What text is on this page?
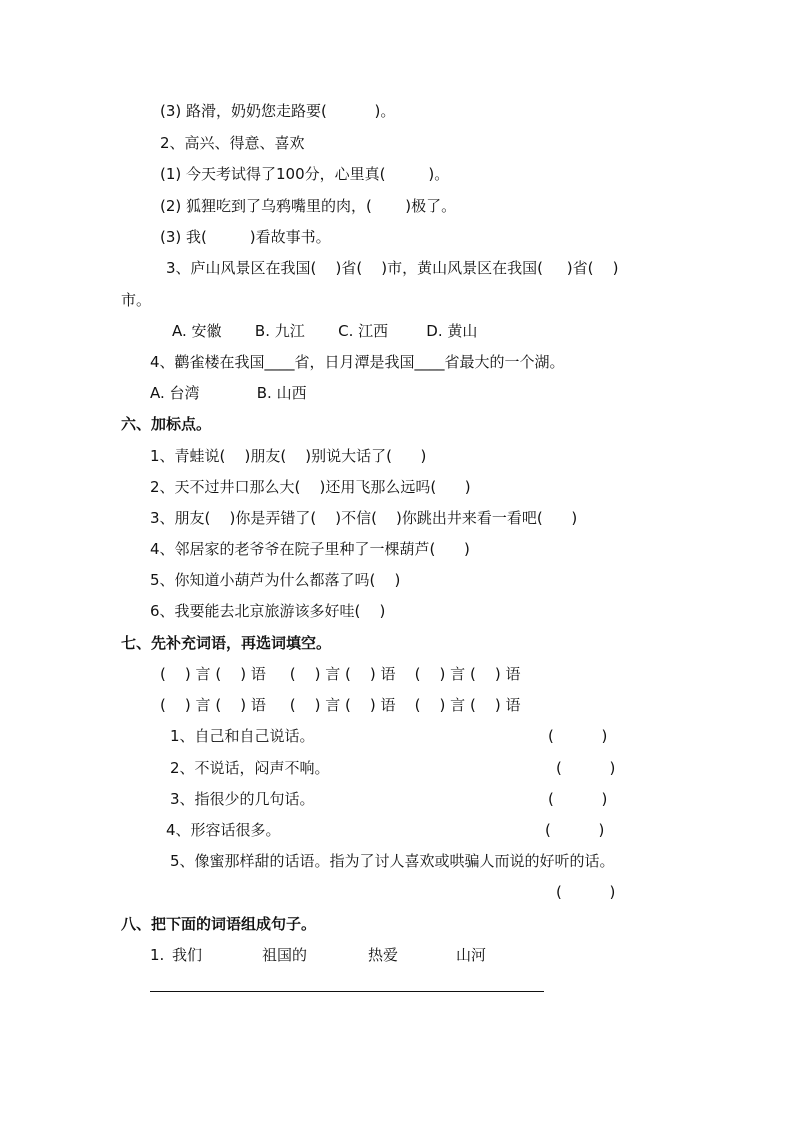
(3) 路滑，奶奶您走路要(          )。
2、高兴、得意、喜欢
(1) 今天考试得了100分，心里真(         )。
(2) 狐狸吃到了乌鸦嘴里的肉，(       )极了。
(3) 我(         )看故事书。
3、庐山风景区在我国(    )省(    )市，黄山风景区在我国(     )省(    )
市。
A. 安徽       B. 九江       C. 江西        D. 黄山
4、鹳雀楼在我国____省，日月潭是我国____省最大的一个湖。
A. 台湾            B. 山西
六、加标点。
1、青蛙说(    )朋友(    )别说大话了(      )
2、天不过井口那么大(    )还用飞那么远吗(      )
3、朋友(    )你是弄错了(    )不信(    )你跳出井来看一看吧(      )
4、邻居家的老爷爷在院子里种了一棵葫芦(      )
5、你知道小葫芦为什么都落了吗(    )
6、我要能去北京旅游该多好哇(    )
七、先补充词语，再选词填空。
(    ) 言 (    ) 语     (    ) 言 (    ) 语    (    ) 言 (    ) 语
(    ) 言 (    ) 语     (    ) 言 (    ) 语    (    ) 言 (    ) 语
1、自己和自己说话。	(          )
2、不说话，闷声不响。	(          )
3、指很少的几句话。	(          )
4、形容话很多。	(          )
5、像蜜那样甜的话语。指为了讨人喜欢或哄骗人而说的好听的话。
(          )
八、把下面的词语组成句子。
1. 我们	祖国的	热爱	山河
